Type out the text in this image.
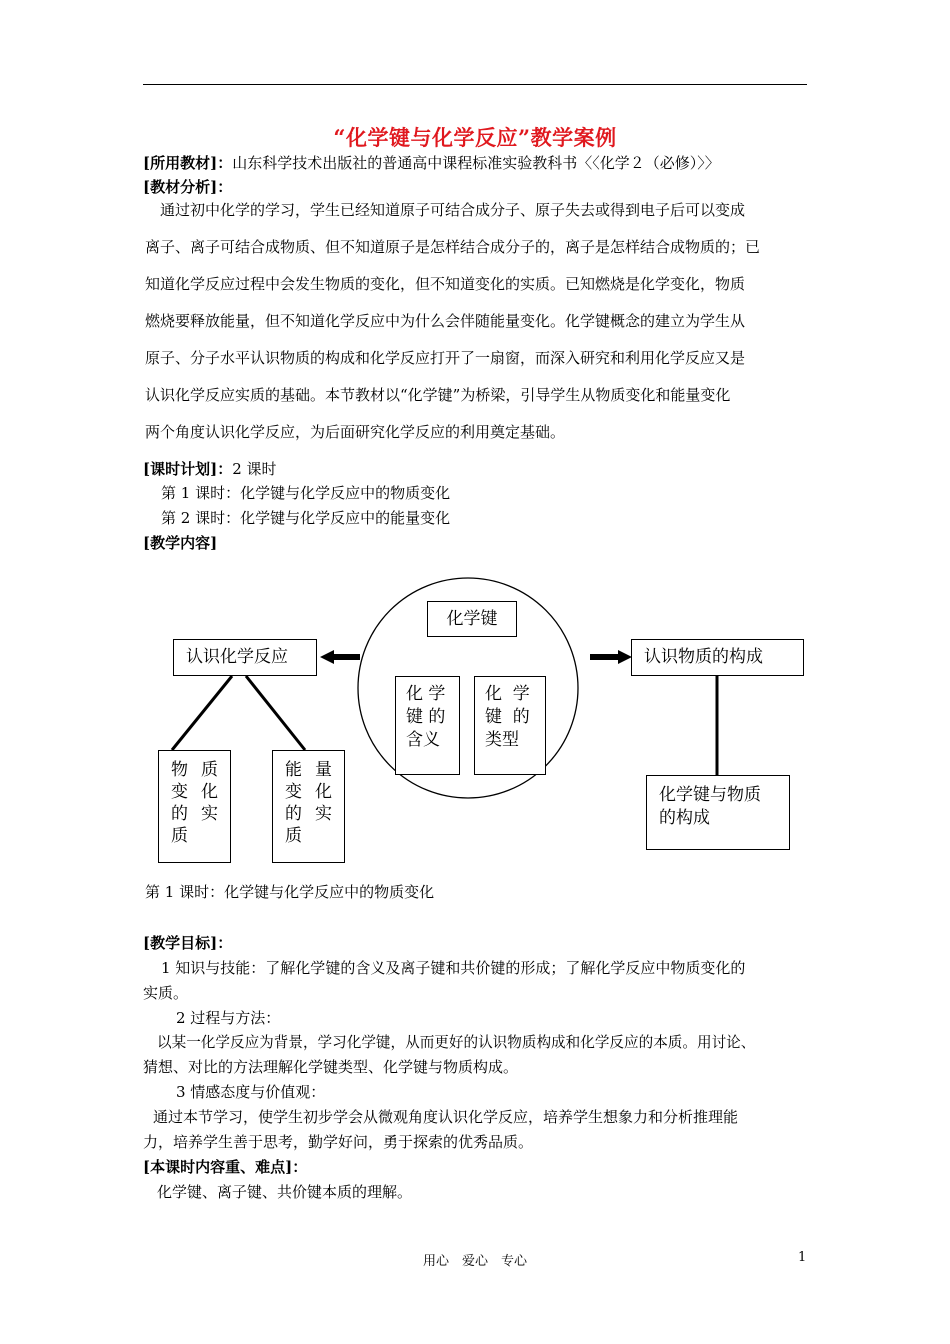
“化学键与化学反应”教学案例
[所用教材]：山东科学技术出版社的普通高中课程标准实验教科书〈〈化学２（必修）〉〉
[教材分析]：
通过初中化学的学习，学生已经知道原子可结合成分子、原子失去或得到电子后可以变成
离子、离子可结合成物质、但不知道原子是怎样结合成分子的，离子是怎样结合成物质的；已
知道化学反应过程中会发生物质的变化，但不知道变化的实质。已知燃烧是化学变化，物质
燃烧要释放能量，但不知道化学反应中为什么会伴随能量变化。化学键概念的建立为学生从
原子、分子水平认识物质的构成和化学反应打开了一扇窗，而深入研究和利用化学反应又是
认识化学反应实质的基础。本节教材以“化学键”为桥梁，引导学生从物质变化和能量变化
两个角度认识化学反应，为后面研究化学反应的利用奠定基础。
[课时计划]：2 课时
第 1 课时：化学键与化学反应中的物质变化
第 2 课时：化学键与化学反应中的能量变化
[教学内容]
化学键
化 学
键 的
含义
化  学
键  的
类型
认识化学反应	认识物质的构成
物 质
变 化
的 实
质
能 量
变 化
的 实
质
化学键与物质
的构成
第 1 课时：化学键与化学反应中的物质变化
[教学目标]：
1 知识与技能：了解化学键的含义及离子键和共价键的形成；了解化学反应中物质变化的
实质。
2 过程与方法：
以某一化学反应为背景，学习化学键，从而更好的认识物质构成和化学反应的本质。用讨论、
猜想、对比的方法理解化学键类型、化学键与物质构成。
3 情感态度与价值观：
通过本节学习，使学生初步学会从微观角度认识化学反应，培养学生想象力和分析推理能
力，培养学生善于思考，勤学好问，勇于探索的优秀品质。
[本课时内容重、难点]：
化学键、离子键、共价键本质的理解。
用心　爱心　专心	1
